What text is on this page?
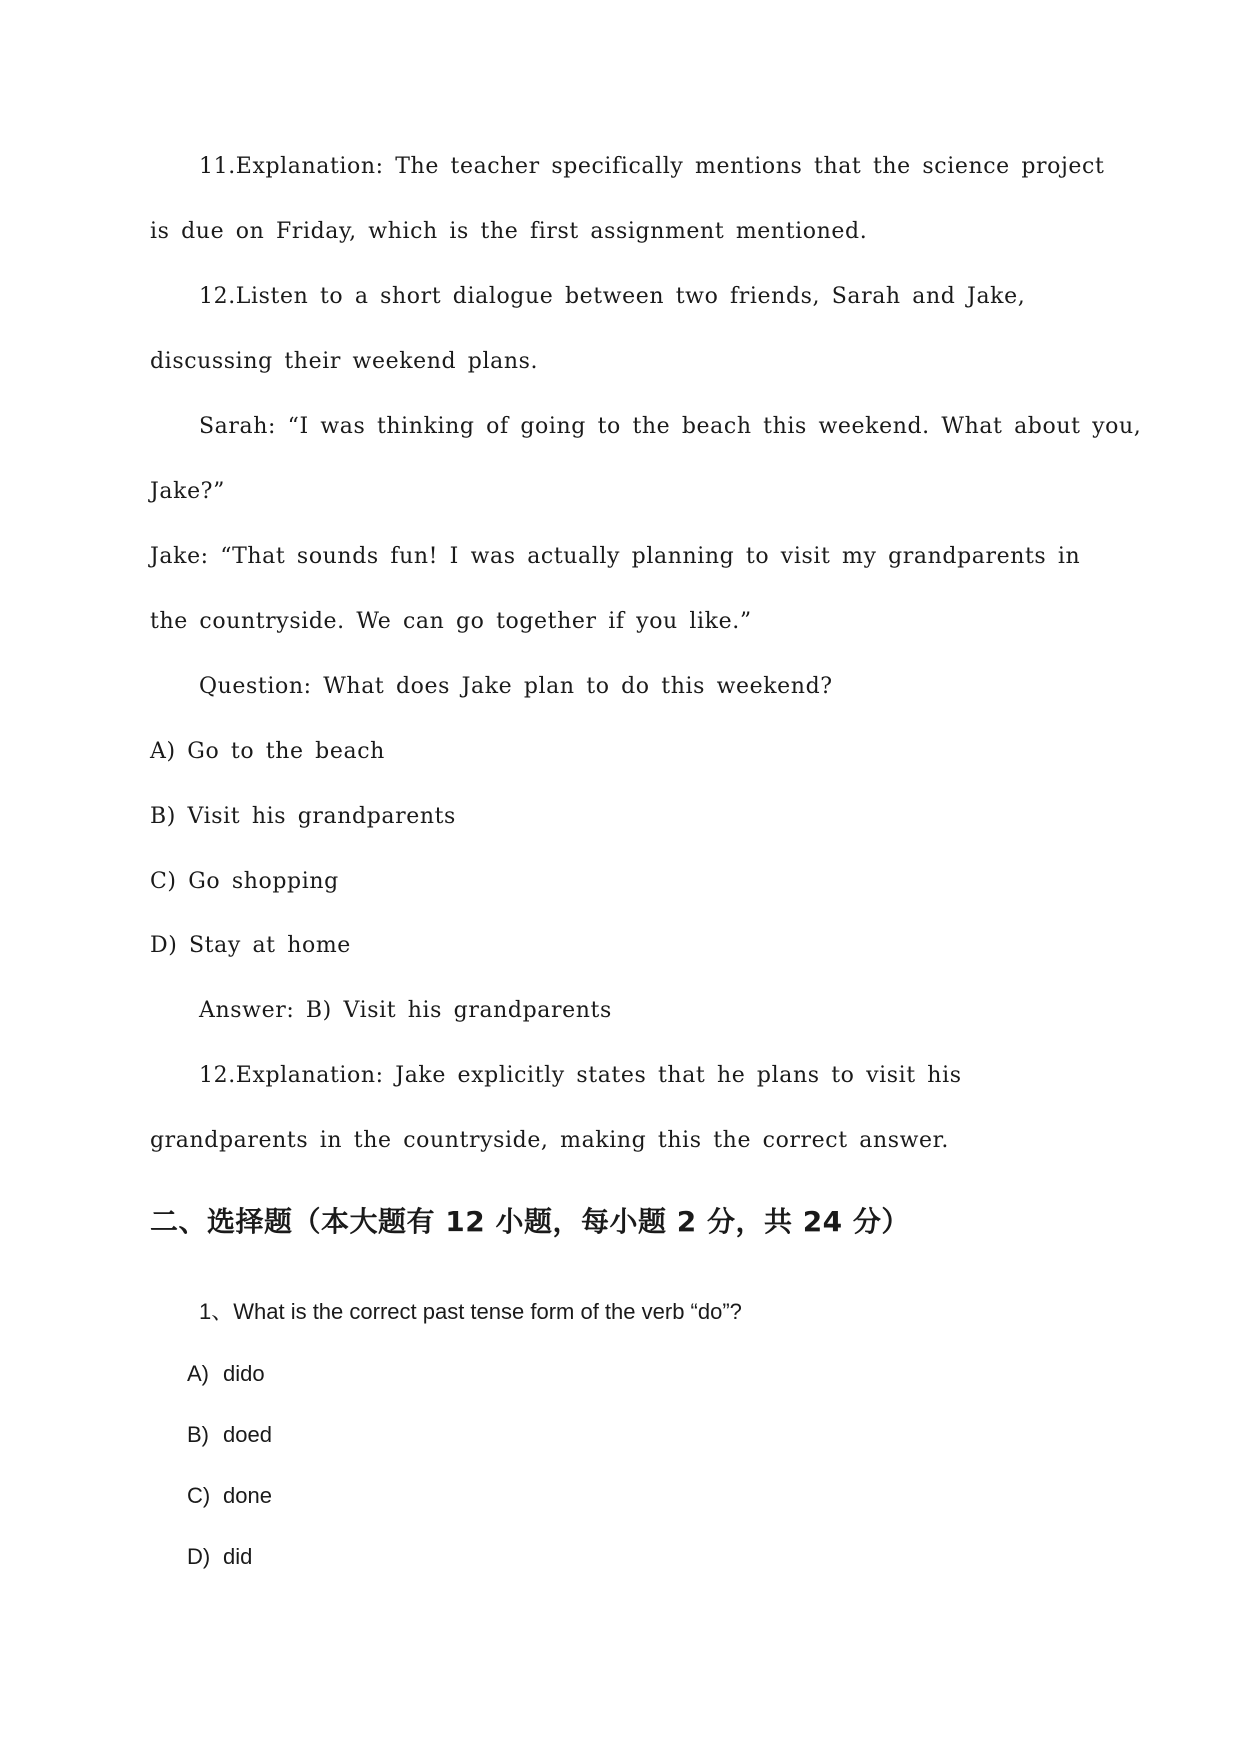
11.Explanation: The teacher specifically mentions that the science project
is due on Friday, which is the first assignment mentioned.
12.Listen to a short dialogue between two friends, Sarah and Jake,
discussing their weekend plans.
Sarah: “I was thinking of going to the beach this weekend. What about you,
Jake?”
Jake: “That sounds fun! I was actually planning to visit my grandparents in
the countryside. We can go together if you like.”
Question: What does Jake plan to do this weekend?
A) Go to the beach
B) Visit his grandparents
C) Go shopping
D) Stay at home
Answer: B) Visit his grandparents
12.Explanation: Jake explicitly states that he plans to visit his
grandparents in the countryside, making this the correct answer.
二、选择题（本大题有 12 小题，每小题 2 分，共 24 分）
1、What is the correct past tense form of the verb “do”?
A) dido
B) doed
C) done
D) did
